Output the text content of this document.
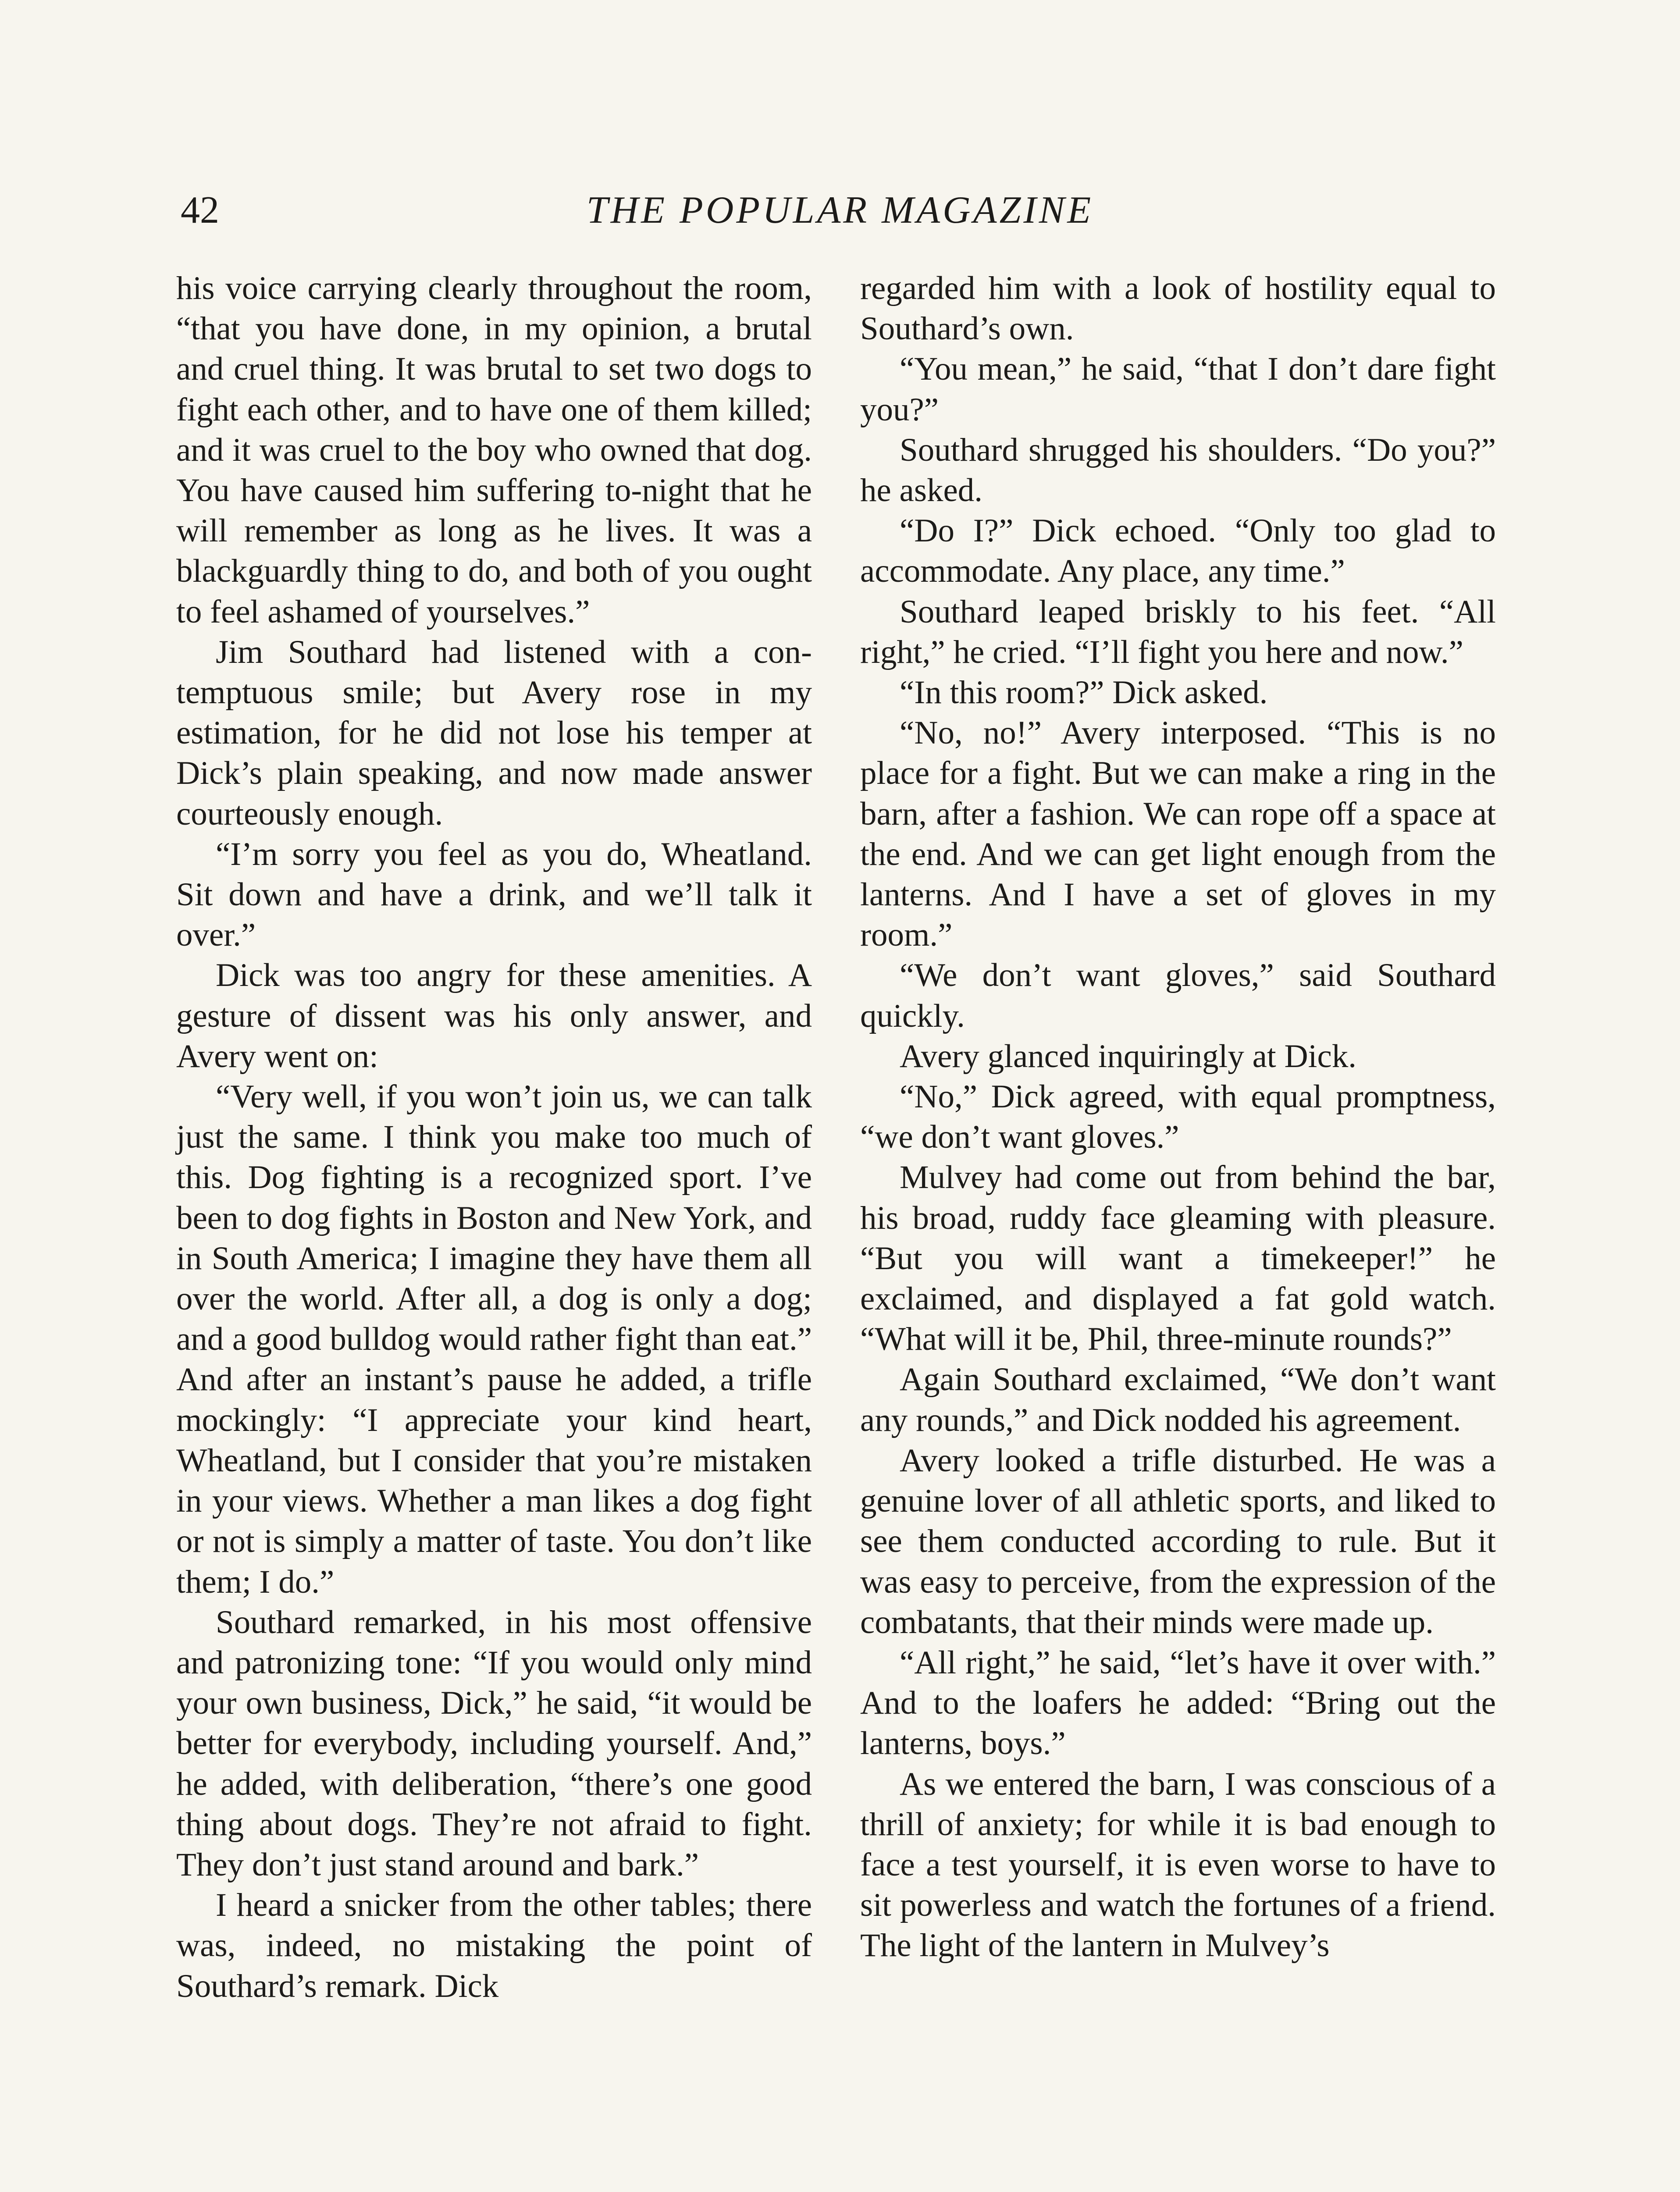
42	THE POPULAR MAGAZINE

his voice carrying clearly throughout the room, “that you have done, in my opinion, a brutal and cruel thing. It was brutal to set two dogs to fight each other, and to have one of them killed; and it was cruel to the boy who owned that dog. You have caused him suffering to-night that he will remember as long as he lives. It was a blackguardly thing to do, and both of you ought to feel ashamed of yourselves.”

Jim Southard had listened with a contemptuous smile; but Avery rose in my estimation, for he did not lose his temper at Dick’s plain speaking, and now made answer courteously enough.

“I’m sorry you feel as you do, Wheatland. Sit down and have a drink, and we’ll talk it over.”

Dick was too angry for these amenities. A gesture of dissent was his only answer, and Avery went on:

“Very well, if you won’t join us, we can talk just the same. I think you make too much of this. Dog fighting is a recognized sport. I’ve been to dog fights in Boston and New York, and in South America; I imagine they have them all over the world. After all, a dog is only a dog; and a good bulldog would rather fight than eat.” And after an instant’s pause he added, a trifle mockingly: “I appreciate your kind heart, Wheatland, but I consider that you’re mistaken in your views. Whether a man likes a dog fight or not is simply a matter of taste. You don’t like them; I do.”

Southard remarked, in his most offensive and patronizing tone: “If you would only mind your own business, Dick,” he said, “it would be better for everybody, including yourself. And,” he added, with deliberation, “there’s one good thing about dogs. They’re not afraid to fight. They don’t just stand around and bark.”

I heard a snicker from the other tables; there was, indeed, no mistaking the point of Southard’s remark. Dick

regarded him with a look of hostility equal to Southard’s own.

“You mean,” he said, “that I don’t dare fight you?”

Southard shrugged his shoulders. “Do you?” he asked.

“Do I?” Dick echoed. “Only too glad to accommodate. Any place, any time.”

Southard leaped briskly to his feet. “All right,” he cried. “I’ll fight you here and now.”

“In this room?” Dick asked.

“No, no!” Avery interposed. “This is no place for a fight. But we can make a ring in the barn, after a fashion. We can rope off a space at the end. And we can get light enough from the lanterns. And I have a set of gloves in my room.”

“We don’t want gloves,” said Southard quickly.

Avery glanced inquiringly at Dick.

“No,” Dick agreed, with equal promptness, “we don’t want gloves.”

Mulvey had come out from behind the bar, his broad, ruddy face gleaming with pleasure. “But you will want a timekeeper!” he exclaimed, and displayed a fat gold watch. “What will it be, Phil, three-minute rounds?”

Again Southard exclaimed, “We don’t want any rounds,” and Dick nodded his agreement.

Avery looked a trifle disturbed. He was a genuine lover of all athletic sports, and liked to see them conducted according to rule. But it was easy to perceive, from the expression of the combatants, that their minds were made up.

“All right,” he said, “let’s have it over with.” And to the loafers he added: “Bring out the lanterns, boys.”

As we entered the barn, I was conscious of a thrill of anxiety; for while it is bad enough to face a test yourself, it is even worse to have to sit powerless and watch the fortunes of a friend. The light of the lantern in Mulvey’s
